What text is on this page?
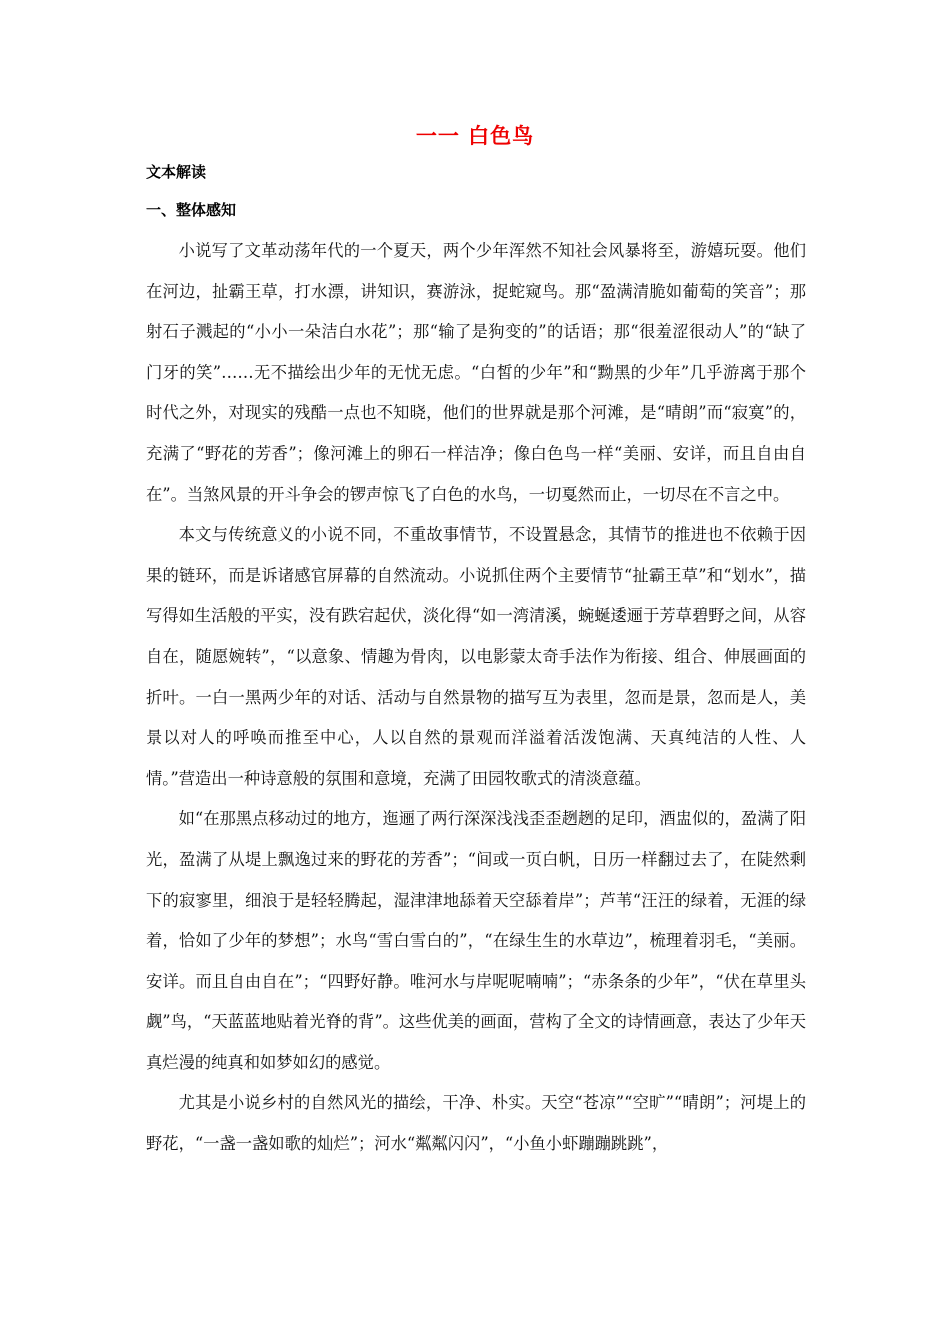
一一 白色鸟
文本解读
一、整体感知

小说写了文革动荡年代的一个夏天，两个少年浑然不知社会风暴将至，游嬉玩耍。他们在河边，扯霸王草，打水漂，讲知识，赛游泳，捉蛇窥鸟。那“盈满清脆如葡萄的笑音”；那射石子溅起的“小小一朵洁白水花”；那“输了是狗变的”的话语；那“很羞涩很动人”的“缺了门牙的笑”……无不描绘出少年的无忧无虑。“白皙的少年”和“黝黑的少年”几乎游离于那个时代之外，对现实的残酷一点也不知晓，他们的世界就是那个河滩，是“晴朗”而“寂寞”的，充满了“野花的芳香”；像河滩上的卵石一样洁净；像白色鸟一样“美丽、安详，而且自由自在”。当煞风景的开斗争会的锣声惊飞了白色的水鸟，一切戛然而止，一切尽在不言之中。

本文与传统意义的小说不同，不重故事情节，不设置悬念，其情节的推进也不依赖于因果的链环，而是诉诸感官屏幕的自然流动。小说抓住两个主要情节“扯霸王草”和“划水”，描写得如生活般的平实，没有跌宕起伏，淡化得“如一湾清溪，蜿蜒逶逦于芳草碧野之间，从容自在，随愿婉转”，“以意象、情趣为骨肉，以电影蒙太奇手法作为衔接、组合、伸展画面的折叶。一白一黑两少年的对话、活动与自然景物的描写互为表里，忽而是景，忽而是人，美景以对人的呼唤而推至中心，人以自然的景观而洋溢着活泼饱满、天真纯洁的人性、人情。”营造出一种诗意般的氛围和意境，充满了田园牧歌式的清淡意蕴。

如“在那黑点移动过的地方，迤逦了两行深深浅浅歪歪趔趔的足印，酒盅似的，盈满了阳光，盈满了从堤上飘逸过来的野花的芳香”；“间或一页白帆，日历一样翻过去了，在陡然剩下的寂寥里，细浪于是轻轻腾起，湿津津地舔着天空舔着岸”；芦苇“汪汪的绿着，无涯的绿着，恰如了少年的梦想”；水鸟“雪白雪白的”，“在绿生生的水草边”，梳理着羽毛，“美丽。安详。而且自由自在”；“四野好静。唯河水与岸呢呢喃喃”；“赤条条的少年”，“伏在草里头觑”鸟，“天蓝蓝地贴着光脊的背”。这些优美的画面，营构了全文的诗情画意，表达了少年天真烂漫的纯真和如梦如幻的感觉。

尤其是小说乡村的自然风光的描绘，干净、朴实。天空“苍凉”“空旷”“晴朗”；河堤上的野花，“一盏一盏如歌的灿烂”；河水“粼粼闪闪”，“小鱼小虾蹦蹦跳跳”，
